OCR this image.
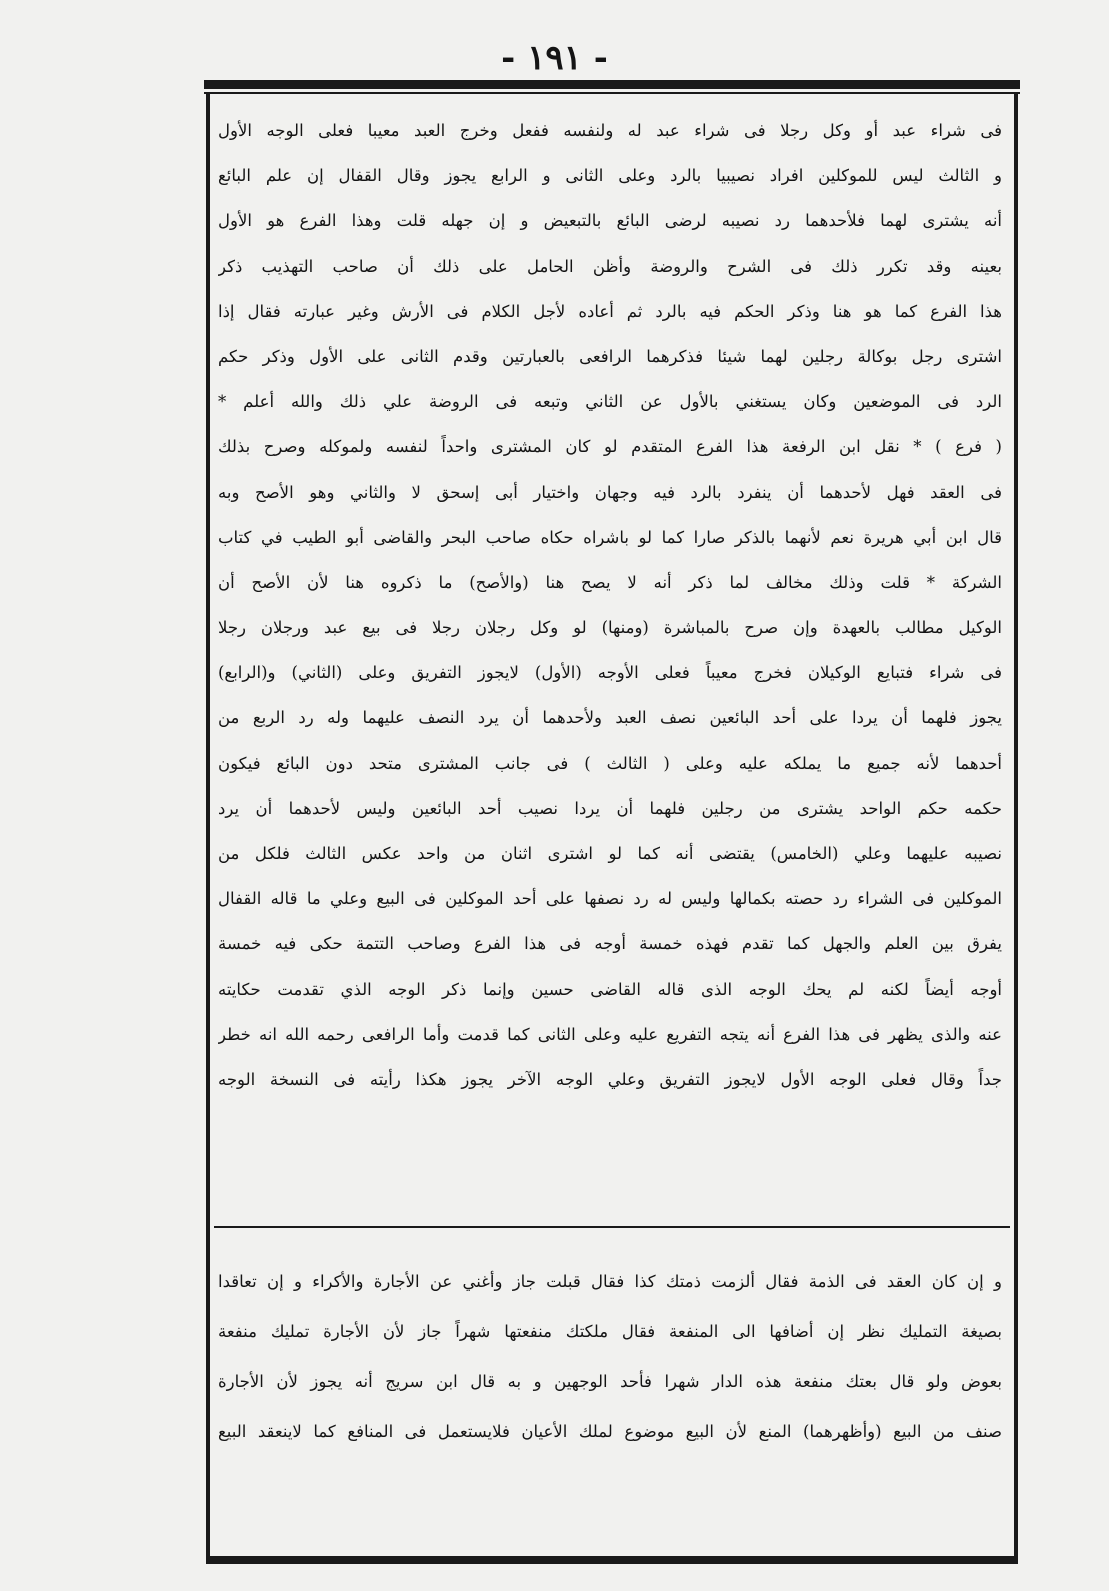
- ١٩١ -
فى شراء عبد أو وكل رجلا فى شراء عبد له ولنفسه ففعل وخرج العبد معيبا فعلى الوجه الأول
و الثالث ليس للموكلين افراد نصيبيا بالرد وعلى الثانى و الرابع يجوز وقال القفال إن علم البائع
أنه يشترى لهما فلأحدهما رد نصيبه لرضى البائع بالتبعيض و إن جهله قلت وهذا الفرع هو الأول
بعينه وقد تكرر ذلك فى الشرح والروضة وأظن الحامل على ذلك أن صاحب التهذيب ذكر
هذا الفرع كما هو هنا وذكر الحكم فيه بالرد ثم أعاده لأجل الكلام فى الأرش وغير عبارته فقال إذا
اشترى رجل بوكالة رجلين لهما شيئا فذكرهما الرافعى بالعبارتين وقدم الثانى على الأول وذكر حكم
الرد فى الموضعين وكان يستغني بالأول عن الثاني وتبعه فى الروضة علي ذلك والله أعلم *
( فرع ) * نقل ابن الرفعة هذا الفرع المتقدم لو كان المشترى واحداً لنفسه ولموكله وصرح بذلك
فى العقد فهل لأحدهما أن ينفرد بالرد فيه وجهان واختيار أبى إسحق لا والثاني وهو الأصح وبه
قال ابن أبي هريرة نعم لأنهما بالذكر صارا كما لو باشراه حكاه صاحب البحر والقاضى أبو الطيب في كتاب
الشركة * قلت وذلك مخالف لما ذكر أنه لا يصح هنا (والأصح) ما ذكروه هنا لأن الأصح أن
الوكيل مطالب بالعهدة وإن صرح بالمباشرة (ومنها) لو وكل رجلان رجلا فى بيع عبد ورجلان رجلا
فى شراء فتبايع الوكيلان فخرج معيباً فعلى الأوجه (الأول) لايجوز التفريق وعلى (الثاني) و(الرابع)
يجوز فلهما أن يردا على أحد البائعين نصف العبد ولأحدهما أن يرد النصف عليهما وله رد الربع من
أحدهما لأنه جميع ما يملكه عليه وعلى ( الثالث ) فى جانب المشترى متحد دون البائع فيكون
حكمه حكم الواحد يشترى من رجلين فلهما أن يردا نصيب أحد البائعين وليس لأحدهما أن يرد
نصيبه عليهما وعلي (الخامس) يقتضى أنه كما لو اشترى اثنان من واحد عكس الثالث فلكل من
الموكلين فى الشراء رد حصته بكمالها وليس له رد نصفها على أحد الموكلين فى البيع وعلي ما قاله القفال
يفرق بين العلم والجهل كما تقدم فهذه خمسة أوجه فى هذا الفرع وصاحب التتمة حكى فيه خمسة
أوجه أيضاً لكنه لم يحك الوجه الذى قاله القاضى حسين وإنما ذكر الوجه الذي تقدمت حكايته
عنه والذى يظهر فى هذا الفرع أنه يتجه التفريع عليه وعلى الثانى كما قدمت وأما الرافعى رحمه الله انه خطر
جداً وقال فعلى الوجه الأول لايجوز التفريق وعلي الوجه الآخر يجوز هكذا رأيته فى النسخة الوجه
و إن كان العقد فى الذمة فقال ألزمت ذمتك كذا فقال قبلت جاز وأغني عن الأجارة والأكراء و إن تعاقدا
بصيغة التمليك نظر إن أضافها الى المنفعة فقال ملكتك منفعتها شهراً جاز لأن الأجارة تمليك منفعة
بعوض ولو قال بعتك منفعة هذه الدار شهرا فأحد الوجهين و به قال ابن سريج أنه يجوز لأن الأجارة
صنف من البيع (وأظهرهما) المنع لأن البيع موضوع لملك الأعيان فلايستعمل فى المنافع كما لاينعقد البيع
